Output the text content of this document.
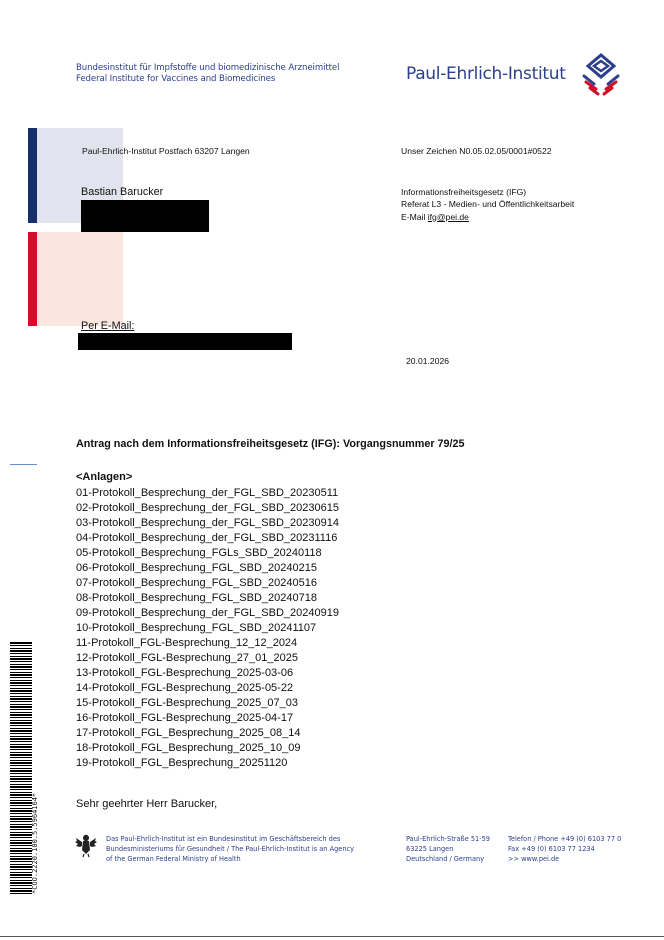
Bundesinstitut für Impfstoffe und biomedizinische Arzneimittel
Federal Institute for Vaccines and Biomedicines	Paul-Ehrlich-Institut
Paul-Ehrlich-Institut Postfach 63207 Langen
Bastian Barucker
Per E-Mail:
Unser Zeichen N0.05.02.05/0001#0522
Informationsfreiheitsgesetz (IFG)
Referat L3 - Medien- und Öffentlichkeitsarbeit
E-Mail ifg@pei.de
20.01.2026
Antrag nach dem Informationsfreiheitsgesetz (IFG): Vorgangsnummer 79/25
<Anlagen>
01-Protokoll_Besprechung_der_FGL_SBD_20230511
02-Protokoll_Besprechung_der_FGL_SBD_20230615
03-Protokoll_Besprechung_der_FGL_SBD_20230914
04-Protokoll_Besprechung_der_FGL_SBD_20231116
05-Protokoll_Besprechung_FGLs_SBD_20240118
06-Protokoll_Besprechung_FGL_SBD_20240215
07-Protokoll_Besprechung_FGL_SBD_20240516
08-Protokoll_Besprechung_FGL_SBD_20240718
09-Protokoll_Besprechung_der_FGL_SBD_20240919
10-Protokoll_Besprechung_FGL_SBD_20241107
11-Protokoll_FGL-Besprechung_12_12_2024
12-Protokoll_FGL-Besprechung_27_01_2025
13-Protokoll_FGL-Besprechung_2025-03-06
14-Protokoll_FGL-Besprechung_2025-05-22
15-Protokoll_FGL-Besprechung_2025_07_03
16-Protokoll_FGL-Besprechung_2025-04-17
17-Protokoll_FGL_Besprechung_2025_08_14
18-Protokoll_FGL_Besprechung_2025_10_09
19-Protokoll_FGL_Besprechung_20251120
Sehr geehrter Herr Barucker,
*COO.2220.100.5.5964164*	Das Paul-Ehrlich-Institut ist ein Bundesinstitut im Geschäftsbereich des
Bundesministeriums für Gesundheit / The Paul-Ehrlich-Institut is an Agency
of the German Federal Ministry of Health
Paul-Ehrlich-Straße 51-59
63225 Langen
Deutschland / Germany
Telefon / Phone +49 (0) 6103 77 0
Fax +49 (0) 6103 77 1234
>> www.pei.de
